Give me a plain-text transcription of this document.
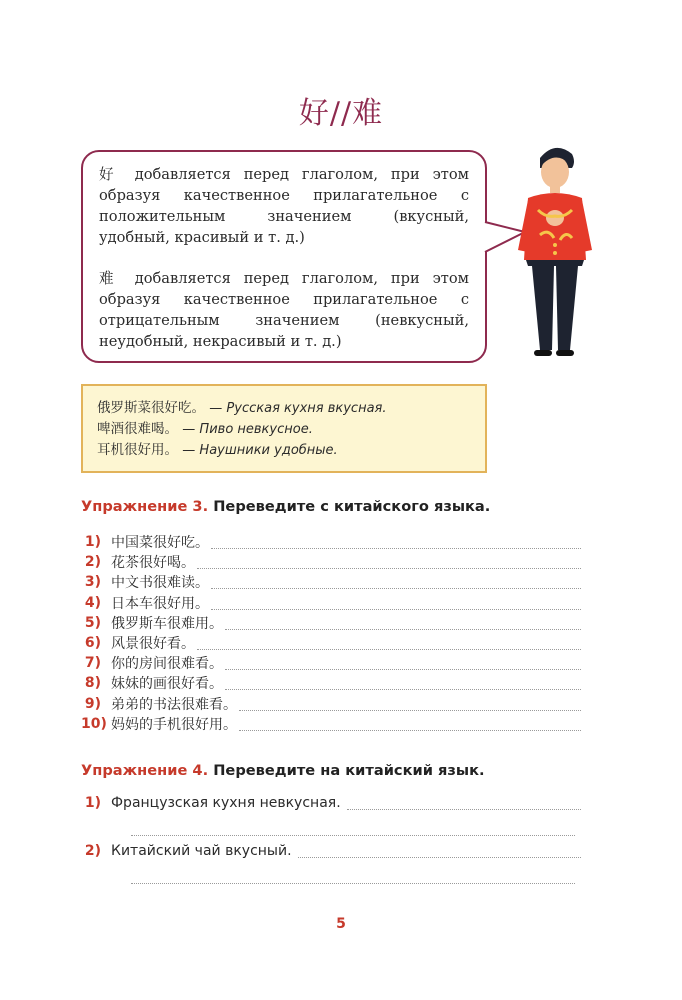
好//难

好 добавляется перед глаголом, при этом образуя качественное прилагательное с положительным значением (вкусный, удобный, красивый и т. д.)

难 добавляется перед глаголом, при этом образуя качественное прилагательное с отрицательным значением (невкусный, неудобный, некрасивый и т. д.)

俄罗斯菜很好吃。 — Русская кухня вкусная.
啤酒很难喝。 — Пиво невкусное.
耳机很好用。 — Наушники удобные.
Упражнение 3. Переведите с китайского языка.
1) 中国菜很好吃。
2) 花茶很好喝。
3) 中文书很难读。
4) 日本车很好用。
5) 俄罗斯车很难用。
6) 风景很好看。
7) 你的房间很难看。
8) 妹妹的画很好看。
9) 弟弟的书法很难看。
10) 妈妈的手机很好用。
Упражнение 4. Переведите на китайский язык.
1) Французская кухня невкусная.
2) Китайский чай вкусный.
5
